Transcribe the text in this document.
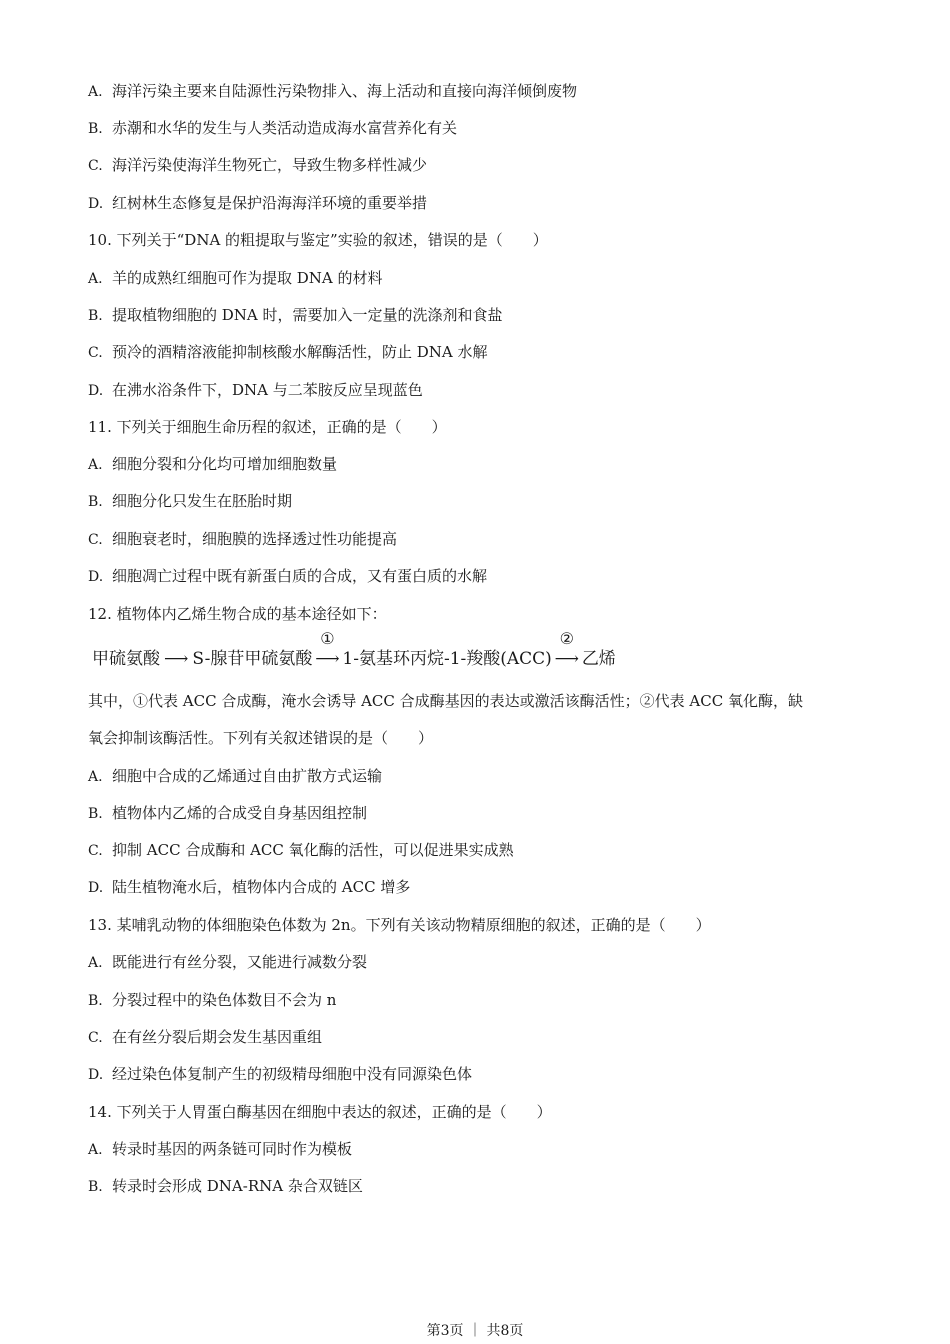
A. 海洋污染主要来自陆源性污染物排入、海上活动和直接向海洋倾倒废物
B. 赤潮和水华的发生与人类活动造成海水富营养化有关
C. 海洋污染使海洋生物死亡，导致生物多样性减少
D. 红树林生态修复是保护沿海海洋环境的重要举措
10. 下列关于“DNA 的粗提取与鉴定”实验的叙述，错误的是（　　）
A. 羊的成熟红细胞可作为提取 DNA 的材料
B. 提取植物细胞的 DNA 时，需要加入一定量的洗涤剂和食盐
C. 预冷的酒精溶液能抑制核酸水解酶活性，防止 DNA 水解
D. 在沸水浴条件下，DNA 与二苯胺反应呈现蓝色
11. 下列关于细胞生命历程的叙述，正确的是（　　）
A. 细胞分裂和分化均可增加细胞数量
B. 细胞分化只发生在胚胎时期
C. 细胞衰老时，细胞膜的选择透过性功能提高
D. 细胞凋亡过程中既有新蛋白质的合成，又有蛋白质的水解
12. 植物体内乙烯生物合成的基本途径如下：
甲硫氨酸 ⟶ S-腺苷甲硫氨酸
①
⟶ 1-氨基环丙烷-1-羧酸(ACC)
②
⟶ 乙烯
其中，①代表 ACC 合成酶，淹水会诱导 ACC 合成酶基因的表达或激活该酶活性；②代表 ACC 氧化酶，缺
氧会抑制该酶活性。下列有关叙述错误的是（　　）
A. 细胞中合成的乙烯通过自由扩散方式运输
B. 植物体内乙烯的合成受自身基因组控制
C. 抑制 ACC 合成酶和 ACC 氧化酶的活性，可以促进果实成熟
D. 陆生植物淹水后，植物体内合成的 ACC 增多
13. 某哺乳动物的体细胞染色体数为 2n。下列有关该动物精原细胞的叙述，正确的是（　　）
A. 既能进行有丝分裂，又能进行减数分裂
B. 分裂过程中的染色体数目不会为 n
C. 在有丝分裂后期会发生基因重组
D. 经过染色体复制产生的初级精母细胞中没有同源染色体
14. 下列关于人胃蛋白酶基因在细胞中表达的叙述，正确的是（　　）
A. 转录时基因的两条链可同时作为模板
B. 转录时会形成 DNA-RNA 杂合双链区
第3页 ｜ 共8页
